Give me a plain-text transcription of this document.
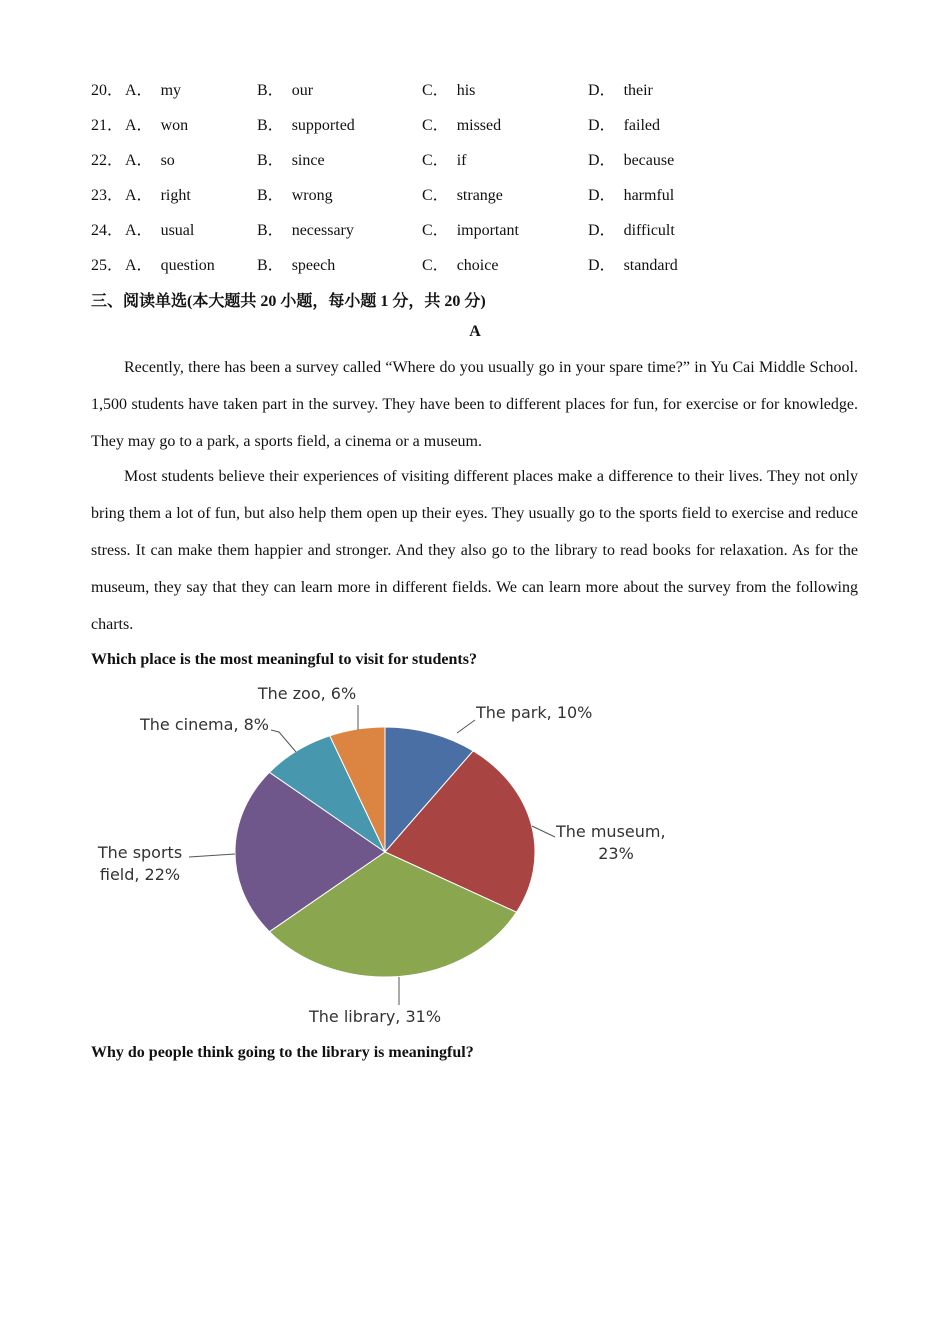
20． A． my	B． our	C． his	D． their
21． A． won	B． supported	C． missed	D． failed
22． A． so	B． since	C． if	D． because
23． A． right	B． wrong	C． strange	D． harmful
24． A． usual	B． necessary	C． important	D． difficult
25． A． question	B． speech	C． choice	D． standard
三、阅读单选(本大题共 20 小题，每小题 1 分，共 20 分)
A

Recently, there has been a survey called “Where do you usually go in your spare time?” in Yu Cai Middle School. 1,500 students have taken part in the survey. They have been to different places for fun, for exercise or for knowledge. They may go to a park, a sports field, a cinema or a museum.

Most students believe their experiences of visiting different places make a difference to their lives. They not only bring them a lot of fun, but also help them open up their eyes. They usually go to the sports field to exercise and reduce stress. It can make them happier and stronger. And they also go to the library to read books for relaxation. As for the museum, they say that they can learn more in different fields. We can learn more about the survey from the following charts.

Which place is the most meaningful to visit for students?
The park, 10%
The museum,
23%
The library, 31%
The sports
field, 22%
The cinema, 8%
The zoo, 6%
Why do people think going to the library is meaningful?
